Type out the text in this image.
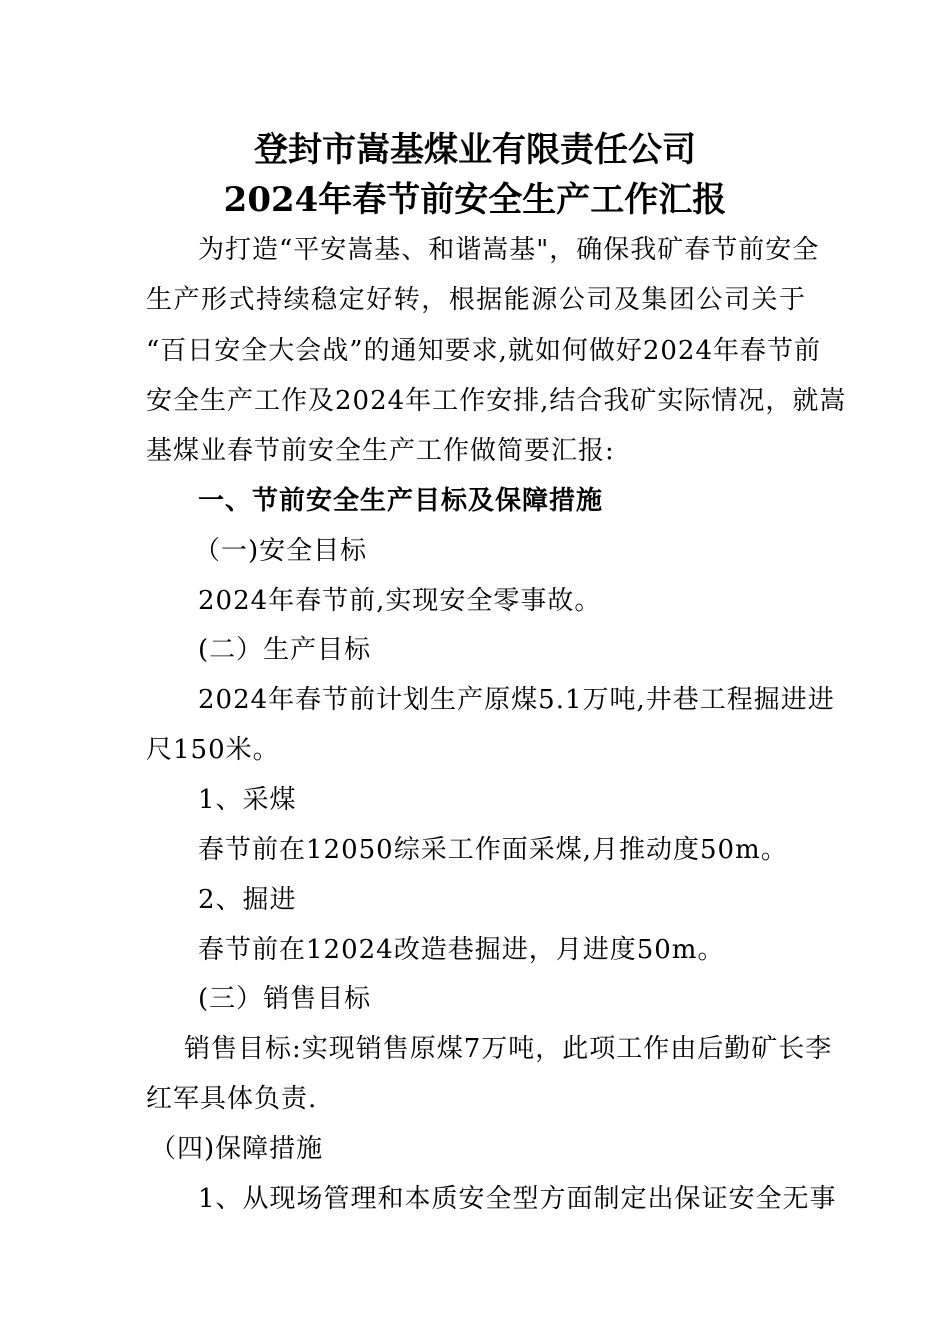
登封市嵩基煤业有限责任公司
2024年春节前安全生产工作汇报
为打造“平安嵩基、和谐嵩基"，确保我矿春节前安全
生产形式持续稳定好转，根据能源公司及集团公司关于
“百日安全大会战”的通知要求,就如何做好2024年春节前
安全生产工作及2024年工作安排,结合我矿实际情况，就嵩
基煤业春节前安全生产工作做简要汇报:
一、节前安全生产目标及保障措施
（一)安全目标
2024年春节前,实现安全零事故。
(二）生产目标
2024年春节前计划生产原煤5.1万吨,井巷工程掘进进
尺150米。
1、采煤
春节前在12050综采工作面采煤,月推动度50m。
2、掘进
春节前在12024改造巷掘进，月进度50m。
(三）销售目标
销售目标:实现销售原煤7万吨，此项工作由后勤矿长李
红军具体负责.
（四)保障措施
1、从现场管理和本质安全型方面制定出保证安全无事
